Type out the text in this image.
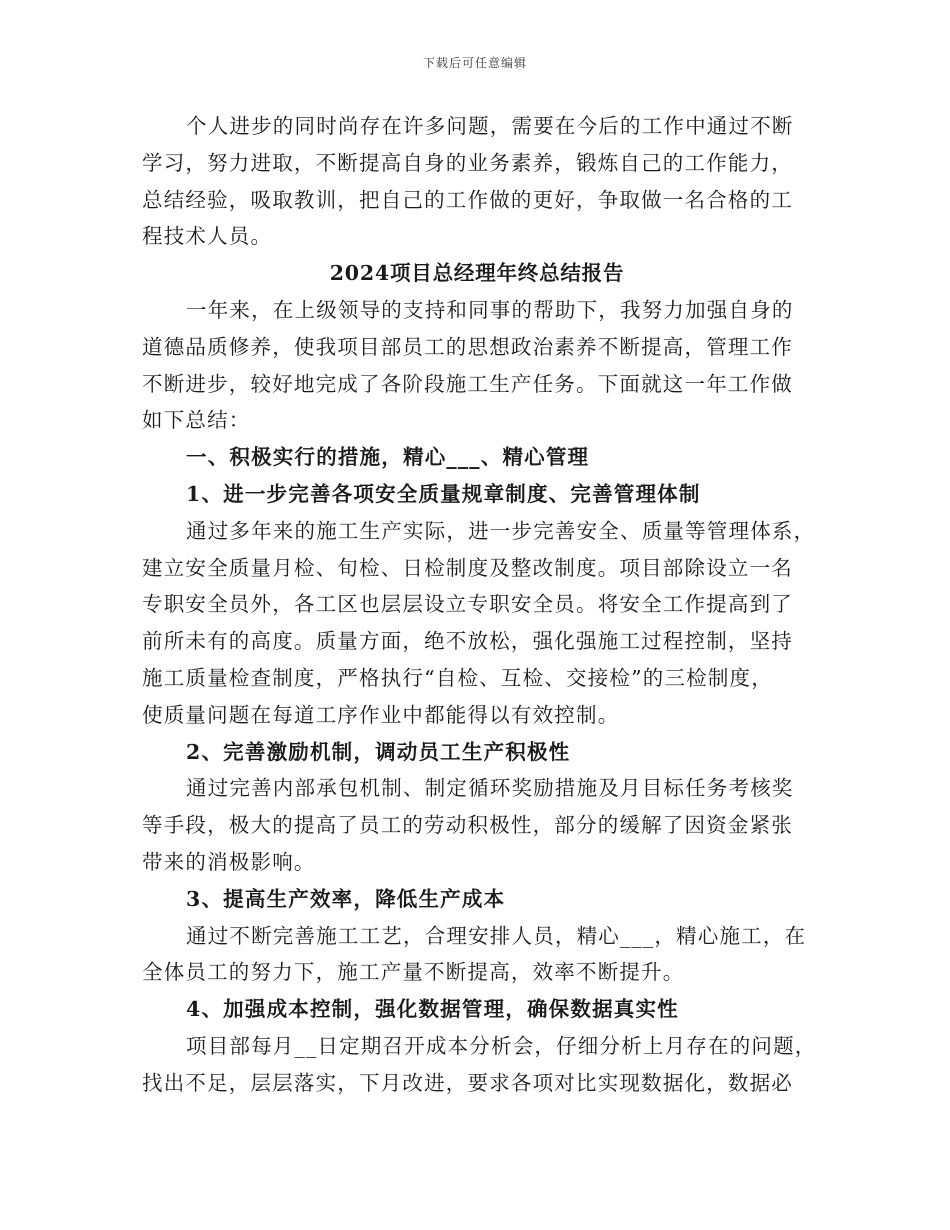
下载后可任意编辑

个人进步的同时尚存在许多问题，需要在今后的工作中通过不断
学习，努力进取，不断提高自身的业务素养，锻炼自己的工作能力，
总结经验，吸取教训，把自己的工作做的更好，争取做一名合格的工
程技术人员。

2024项目总经理年终总结报告

一年来，在上级领导的支持和同事的帮助下，我努力加强自身的
道德品质修养，使我项目部员工的思想政治素养不断提高，管理工作
不断进步，较好地完成了各阶段施工生产任务。下面就这一年工作做
如下总结：

一、积极实行的措施，精心___、精心管理
1、进一步完善各项安全质量规章制度、完善管理体制

通过多年来的施工生产实际，进一步完善安全、质量等管理体系，
建立安全质量月检、旬检、日检制度及整改制度。项目部除设立一名
专职安全员外，各工区也层层设立专职安全员。将安全工作提高到了
前所未有的高度。质量方面，绝不放松，强化强施工过程控制，坚持
施工质量检查制度，严格执行“自检、互检、交接检”的三检制度，
使质量问题在每道工序作业中都能得以有效控制。

2、完善激励机制，调动员工生产积极性

通过完善内部承包机制、制定循环奖励措施及月目标任务考核奖
等手段，极大的提高了员工的劳动积极性，部分的缓解了因资金紧张
带来的消极影响。

3、提高生产效率，降低生产成本

通过不断完善施工工艺，合理安排人员，精心___，精心施工，在
全体员工的努力下，施工产量不断提高，效率不断提升。

4、加强成本控制，强化数据管理，确保数据真实性

项目部每月__日定期召开成本分析会，仔细分析上月存在的问题，
找出不足，层层落实，下月改进，要求各项对比实现数据化，数据必
